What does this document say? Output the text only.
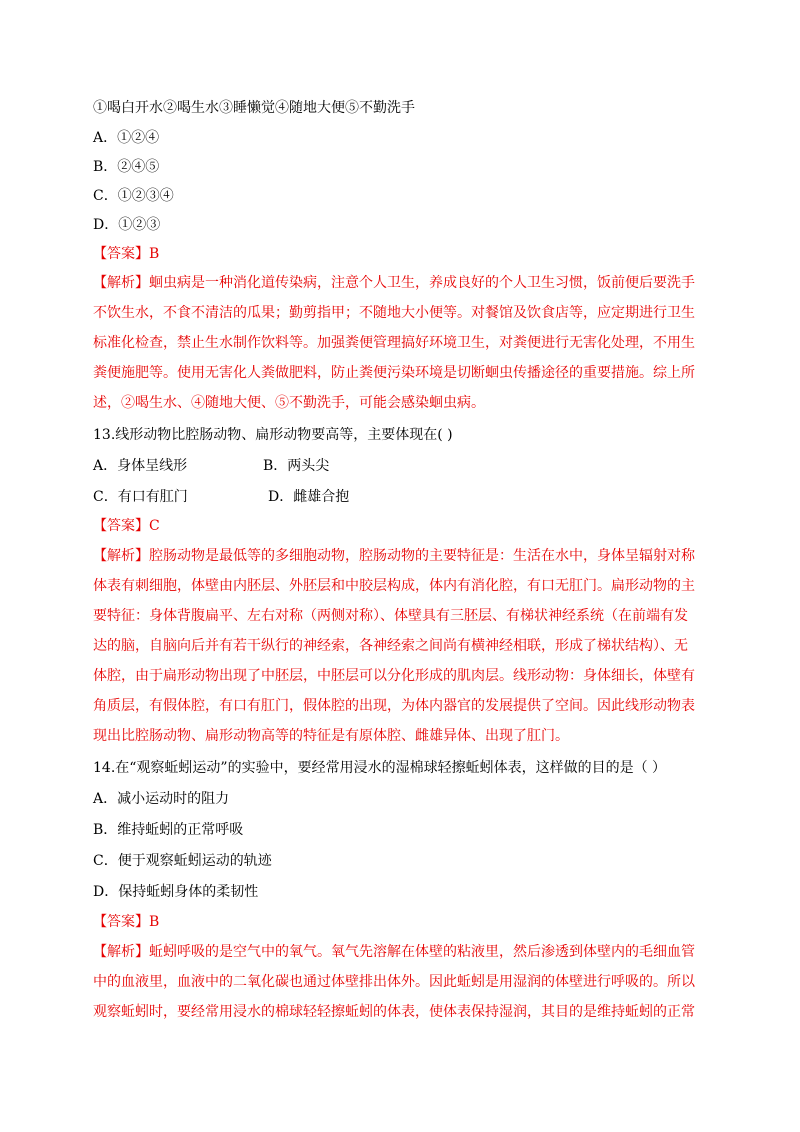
①喝白开水②喝生水③睡懒觉④随地大便⑤不勤洗手
A．①②④
B．②④⑤
C．①②③④
D．①②③
【答案】B
【解析】蛔虫病是一种消化道传染病，注意个人卫生，养成良好的个人卫生习惯，饭前便后要洗手
不饮生水，不食不清洁的瓜果；勤剪指甲；不随地大小便等。对餐馆及饮食店等，应定期进行卫生
标准化检查，禁止生水制作饮料等。加强粪便管理搞好环境卫生，对粪便进行无害化处理，不用生
粪便施肥等。使用无害化人粪做肥料，防止粪便污染环境是切断蛔虫传播途径的重要措施。综上所
述，②喝生水、④随地大便、⑤不勤洗手，可能会感染蛔虫病。
13.线形动物比腔肠动物、扁形动物要高等，主要体现在( )
A．身体呈线形	B．两头尖
C．有口有肛门	D．雌雄合抱
【答案】C
【解析】腔肠动物是最低等的多细胞动物，腔肠动物的主要特征是：生活在水中，身体呈辐射对称
体表有刺细胞，体壁由内胚层、外胚层和中胶层构成，体内有消化腔，有口无肛门。扁形动物的主
要特征：身体背腹扁平、左右对称（两侧对称）、体壁具有三胚层、有梯状神经系统（在前端有发
达的脑，自脑向后并有若干纵行的神经索，各神经索之间尚有横神经相联，形成了梯状结构）、无
体腔，由于扁形动物出现了中胚层，中胚层可以分化形成的肌肉层。线形动物：身体细长，体壁有
角质层，有假体腔，有口有肛门，假体腔的出现，为体内器官的发展提供了空间。因此线形动物表
现出比腔肠动物、扁形动物高等的特征是有原体腔、雌雄异体、出现了肛门。
14.在“观察蚯蚓运动”的实验中，要经常用浸水的湿棉球轻擦蚯蚓体表，这样做的目的是（ ）
A．减小运动时的阻力
B．维持蚯蚓的正常呼吸
C．便于观察蚯蚓运动的轨迹
D．保持蚯蚓身体的柔韧性
【答案】B
【解析】蚯蚓呼吸的是空气中的氧气。氧气先溶解在体壁的粘液里，然后渗透到体壁内的毛细血管
中的血液里，血液中的二氧化碳也通过体壁排出体外。因此蚯蚓是用湿润的体壁进行呼吸的。所以
观察蚯蚓时，要经常用浸水的棉球轻轻擦蚯蚓的体表，使体表保持湿润，其目的是维持蚯蚓的正常
